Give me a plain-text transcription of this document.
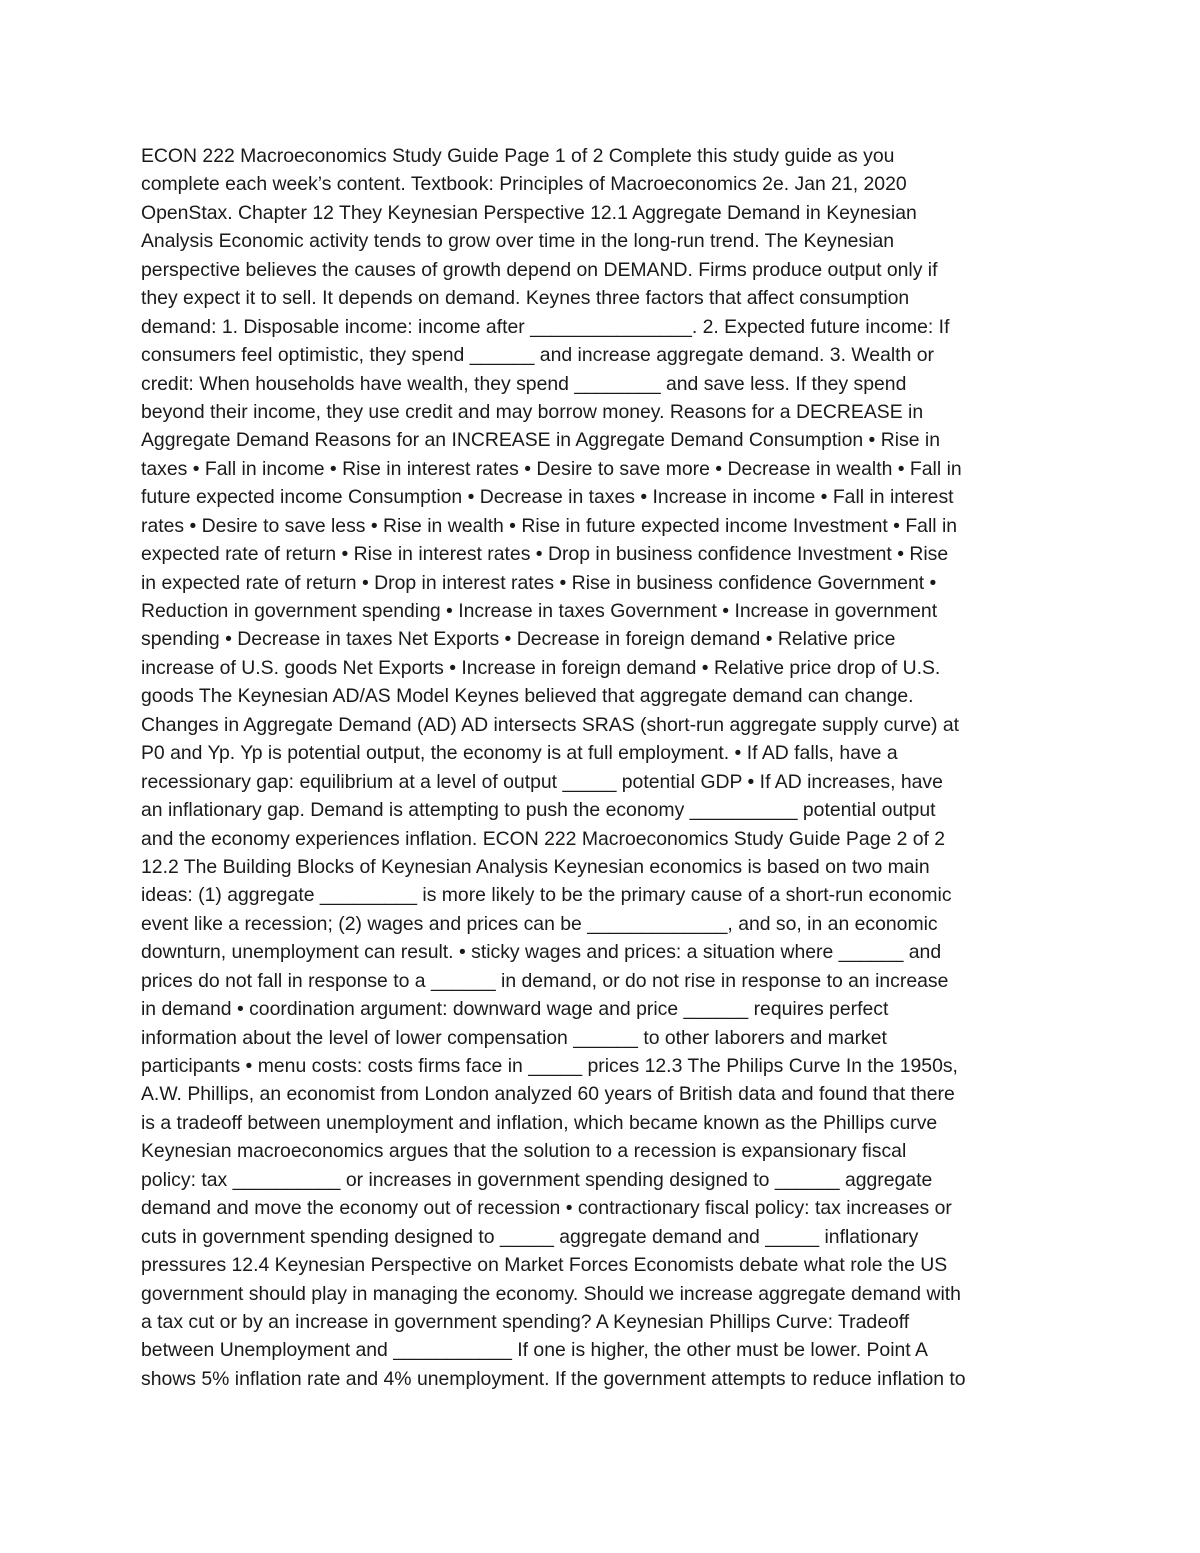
ECON 222 Macroeconomics Study Guide Page 1 of 2 Complete this study guide as you
complete each week’s content. Textbook: Principles of Macroeconomics 2e. Jan 21, 2020
OpenStax. Chapter 12 They Keynesian Perspective 12.1 Aggregate Demand in Keynesian
Analysis Economic activity tends to grow over time in the long-run trend. The Keynesian
perspective believes the causes of growth depend on DEMAND. Firms produce output only if
they expect it to sell. It depends on demand. Keynes three factors that affect consumption
demand: 1. Disposable income: income after _______________. 2. Expected future income: If
consumers feel optimistic, they spend ______ and increase aggregate demand. 3. Wealth or
credit: When households have wealth, they spend ________ and save less. If they spend
beyond their income, they use credit and may borrow money. Reasons for a DECREASE in
Aggregate Demand Reasons for an INCREASE in Aggregate Demand Consumption • Rise in
taxes • Fall in income • Rise in interest rates • Desire to save more • Decrease in wealth • Fall in
future expected income Consumption • Decrease in taxes • Increase in income • Fall in interest
rates • Desire to save less • Rise in wealth • Rise in future expected income Investment • Fall in
expected rate of return • Rise in interest rates • Drop in business confidence Investment • Rise
in expected rate of return • Drop in interest rates • Rise in business confidence Government •
Reduction in government spending • Increase in taxes Government • Increase in government
spending • Decrease in taxes Net Exports • Decrease in foreign demand • Relative price
increase of U.S. goods Net Exports • Increase in foreign demand • Relative price drop of U.S.
goods The Keynesian AD/AS Model Keynes believed that aggregate demand can change.
Changes in Aggregate Demand (AD) AD intersects SRAS (short-run aggregate supply curve) at
P0 and Yp. Yp is potential output, the economy is at full employment. • If AD falls, have a
recessionary gap: equilibrium at a level of output _____ potential GDP • If AD increases, have
an inflationary gap. Demand is attempting to push the economy __________ potential output
and the economy experiences inflation. ECON 222 Macroeconomics Study Guide Page 2 of 2
12.2 The Building Blocks of Keynesian Analysis Keynesian economics is based on two main
ideas: (1) aggregate _________ is more likely to be the primary cause of a short-run economic
event like a recession; (2) wages and prices can be _____________, and so, in an economic
downturn, unemployment can result. • sticky wages and prices: a situation where ______ and
prices do not fall in response to a ______ in demand, or do not rise in response to an increase
in demand • coordination argument: downward wage and price ______ requires perfect
information about the level of lower compensation ______ to other laborers and market
participants • menu costs: costs firms face in _____ prices 12.3 The Philips Curve In the 1950s,
A.W. Phillips, an economist from London analyzed 60 years of British data and found that there
is a tradeoff between unemployment and inflation, which became known as the Phillips curve
Keynesian macroeconomics argues that the solution to a recession is expansionary fiscal
policy: tax __________ or increases in government spending designed to ______ aggregate
demand and move the economy out of recession • contractionary fiscal policy: tax increases or
cuts in government spending designed to _____ aggregate demand and _____ inflationary
pressures 12.4 Keynesian Perspective on Market Forces Economists debate what role the US
government should play in managing the economy. Should we increase aggregate demand with
a tax cut or by an increase in government spending? A Keynesian Phillips Curve: Tradeoff
between Unemployment and ___________ If one is higher, the other must be lower. Point A
shows 5% inflation rate and 4% unemployment. If the government attempts to reduce inflation to
